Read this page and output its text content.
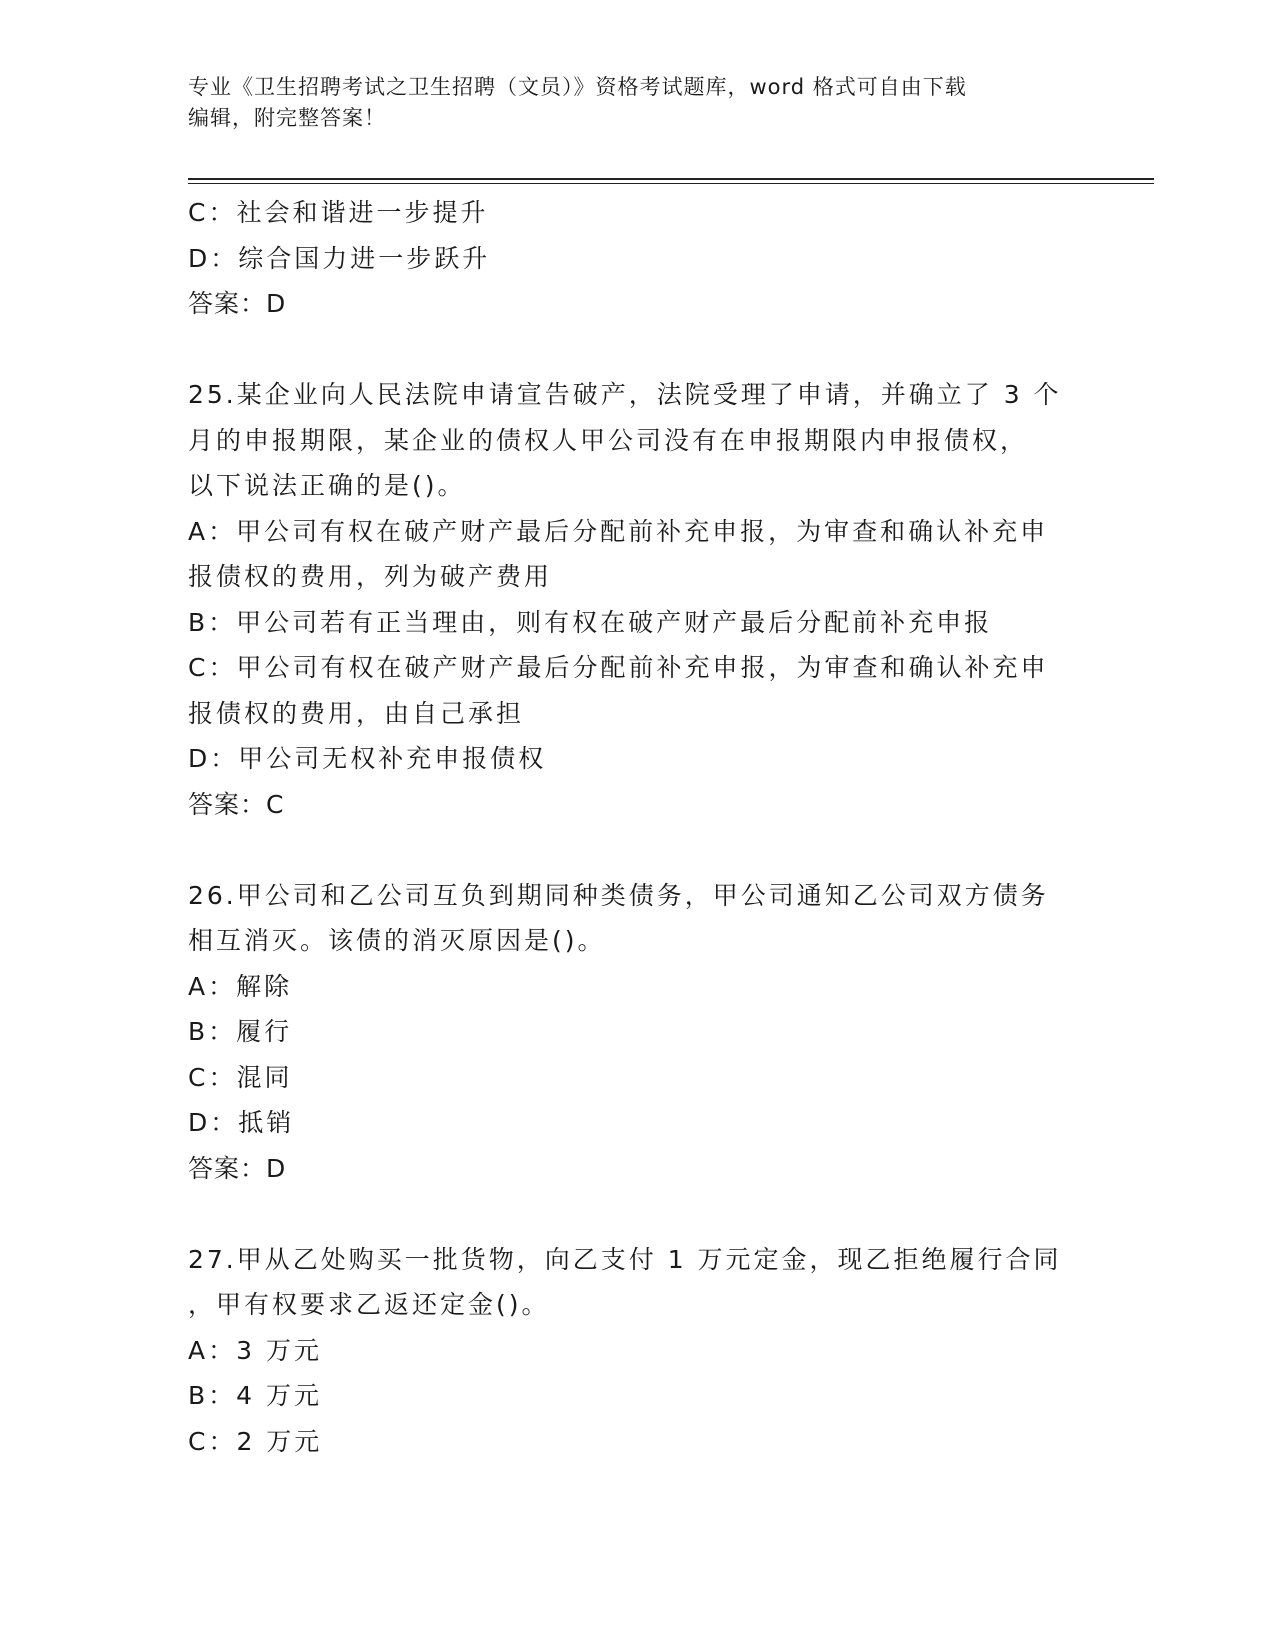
专业《卫生招聘考试之卫生招聘（文员）》资格考试题库，word 格式可自由下载
编辑，附完整答案！
C：社会和谐进一步提升
D：综合国力进一步跃升
答案：D
25.某企业向人民法院申请宣告破产，法院受理了申请，并确立了 3 个
月的申报期限，某企业的债权人甲公司没有在申报期限内申报债权，
以下说法正确的是()。
A：甲公司有权在破产财产最后分配前补充申报，为审查和确认补充申
报债权的费用，列为破产费用
B：甲公司若有正当理由，则有权在破产财产最后分配前补充申报
C：甲公司有权在破产财产最后分配前补充申报，为审查和确认补充申
报债权的费用，由自己承担
D：甲公司无权补充申报债权
答案：C
26.甲公司和乙公司互负到期同种类债务，甲公司通知乙公司双方债务
相互消灭。该债的消灭原因是()。
A：解除
B：履行
C：混同
D：抵销
答案：D
27.甲从乙处购买一批货物，向乙支付 1 万元定金，现乙拒绝履行合同
，甲有权要求乙返还定金()。
A：3 万元
B：4 万元
C：2 万元
